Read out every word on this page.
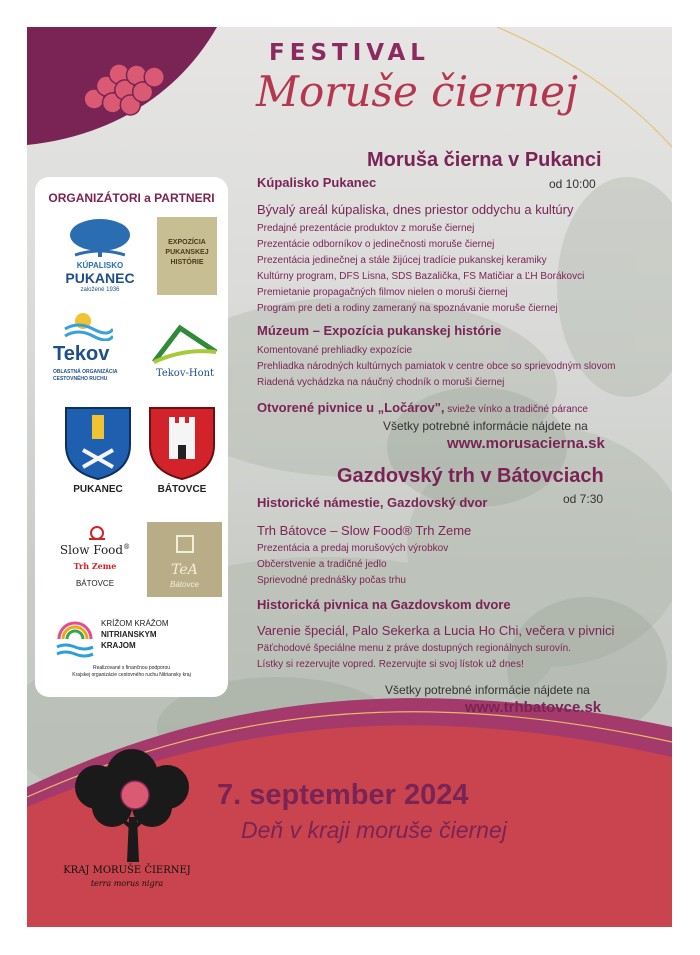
FESTIVAL
Moruše čiernej
ORGANIZÁTORI a PARTNERI
KÚPALISKO
PUKANEC
založené 1936
EXPOZÍCIA
PUKANSKEJ
HISTÓRIE
Tekov
OBLASTNÁ ORGANIZÁCIA
CESTOVNÉHO RUCHU	Tekov-Hont
PUKANEC	BÁTOVCE
Slow Food®
Trh Zeme
BÁTOVCE
TeA
Bátovce
KRÍŽOM KRÁŽOM
NITRIANSKYM
KRAJOM
Realizované s finančnou podporou
Krajskej organizácie cestovného ruchu Nitriansky kraj
Moruša čierna v Pukanci
Kúpalisko Pukanec	od 10:00
Bývalý areál kúpaliska, dnes priestor oddychu a kultúry
Predajné prezentácie produktov z moruše čiernej
Prezentácie odborníkov o jedinečnosti moruše čiernej
Prezentácia jedinečnej a stále žijúcej tradície pukanskej keramiky
Kultúrny program, DFS Lisna, SDS Bazalička, FS Matičiar a ĽH Borákovci
Premietanie propagačných filmov nielen o moruši čiernej
Program pre deti a rodiny zameraný na spoznávanie moruše čiernej
Múzeum – Expozícia pukanskej histórie
Komentované prehliadky expozície
Prehliadka národných kultúrnych pamiatok v centre obce so sprievodným slovom
Riadená vychádzka na náučný chodník o moruši čiernej
Otvorené pivnice u „Ločárov", svieže vínko a tradičné párance
Všetky potrebné informácie nájdete na
www.morusacierna.sk
Gazdovský trh v Bátovciach
Historické námestie, Gazdovský dvor	od 7:30
Trh Bátovce – Slow Food® Trh Zeme
Prezentácia a predaj morušových výrobkov
Občerstvenie a tradičné jedlo
Sprievodné prednášky počas trhu
Historická pivnica na Gazdovskom dvore
Varenie špeciál, Palo Sekerka a Lucia Ho Chi, večera v pivnici
Päťchodové špeciálne menu z práve dostupných regionálnych surovín.
Lístky si rezervujte vopred. Rezervujte si svoj lístok už dnes!
Všetky potrebné informácie nájdete na
www.trhbatovce.sk
KRAJ MORUŠE ČIERNEJ
terra morus nigra
7. september 2024
Deň v kraji moruše čiernej
